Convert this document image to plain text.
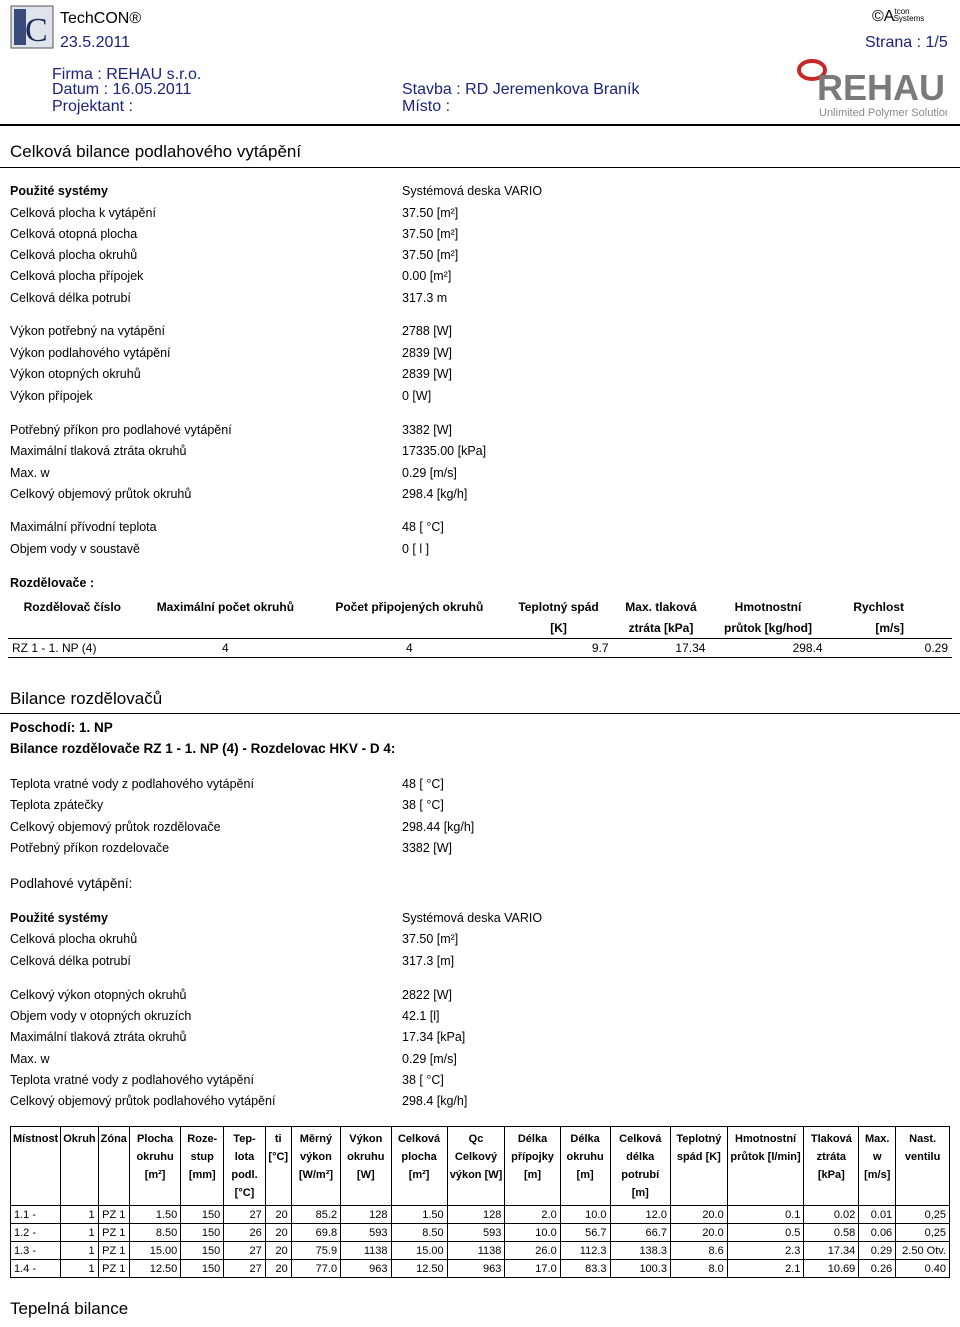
C TechCON®
23.5.2011
$©A^{tcon}Systems$
Strana : 1/5
Firma : REHAU s.r.o.
Datum : 16.05.2011
Projektant :
Stavba : RD Jeremenkova Braník
Místo :	REHAU
Unlimited Polymer Solutions
Celková bilance podlahového vytápění
Použité systémy	Systémová deska VARIO
Celková plocha k vytápění	37.50 [m²]
Celková otopná plocha	37.50 [m²]
Celková plocha okruhů	37.50 [m²]
Celková plocha přípojek	0.00 [m²]
Celková délka potrubí	317.3 m
Výkon potřebný na vytápění	2788 [W]
Výkon podlahového vytápění	2839 [W]
Výkon otopných okruhů	2839 [W]
Výkon přípojek	0 [W]
Potřebný příkon pro podlahové vytápění	3382 [W]
Maximální tlaková ztráta okruhů	17335.00 [kPa]
Max. w	0.29 [m/s]
Celkový objemový průtok okruhů	298.4 [kg/h]
Maximální přívodní teplota	48 [ °C]
Objem vody v soustavě	0 [ l ]
Rozdělovače :
Rozdělovač číslo	Maximální počet okruhů	Počet připojených okruhů	Teplotný spád	Max. tlaková	Hmotnostní	Rychlost
			[K]	ztráta [kPa]	průtok [kg/hod]	[m/s]
RZ 1 - 1. NP (4)	4	4	9.7	17.34	298.4	0.29
Bilance rozdělovačů
Poschodí: 1. NP
Bilance rozdělovače RZ 1 - 1. NP (4) - Rozdelovac HKV - D 4:
Teplota vratné vody z podlahového vytápění	48 [ °C]
Teplota zpátečky	38 [ °C]
Celkový objemový průtok rozdělovače	298.44 [kg/h]
Potřebný příkon rozdelovače	3382 [W]
Podlahové vytápění:
Použité systémy	Systémová deska VARIO
Celková plocha okruhů	37.50 [m²]
Celková délka potrubí	317.3 [m]
Celkový výkon otopných okruhů	2822 [W]
Objem vody v otopných okruzích	42.1 [l]
Maximální tlaková ztráta okruhů	17.34 [kPa]
Max. w	0.29 [m/s]
Teplota vratné vody z podlahového vytápění	38 [ °C]
Celkový objemový průtok podlahového vytápění	298.4 [kg/h]
Místnost	Okruh	Zóna	Plocha okruhu [m²]	Roze- stup [mm]	Tep- lota podl. [°C]	ti [°C]	Měrný výkon [W/m²]	Výkon okruhu [W]	Celková plocha [m²]	Qc Celkový výkon [W]	Délka přípojky [m]	Délka okruhu [m]	Celková délka potrubí [m]	Teplotný spád [K]	Hmotnostní průtok [l/min]	Tlaková ztráta [kPa]	Max. w [m/s]	Nast. ventilu
1.1 -	1	PZ 1	1.50	150	27	20	85.2	128	1.50	128	2.0	10.0	12.0	20.0	0.1	0.02	0.01	0,25
1.2 -	1	PZ 1	8.50	150	26	20	69.8	593	8.50	593	10.0	56.7	66.7	20.0	0.5	0.58	0.06	0,25
1.3 -	1	PZ 1	15.00	150	27	20	75.9	1138	15.00	1138	26.0	112.3	138.3	8.6	2.3	17.34	0.29	2.50 Otv.
1.4 -	1	PZ 1	12.50	150	27	20	77.0	963	12.50	963	17.0	83.3	100.3	8.0	2.1	10.69	0.26	0.40
Tepelná bilance
